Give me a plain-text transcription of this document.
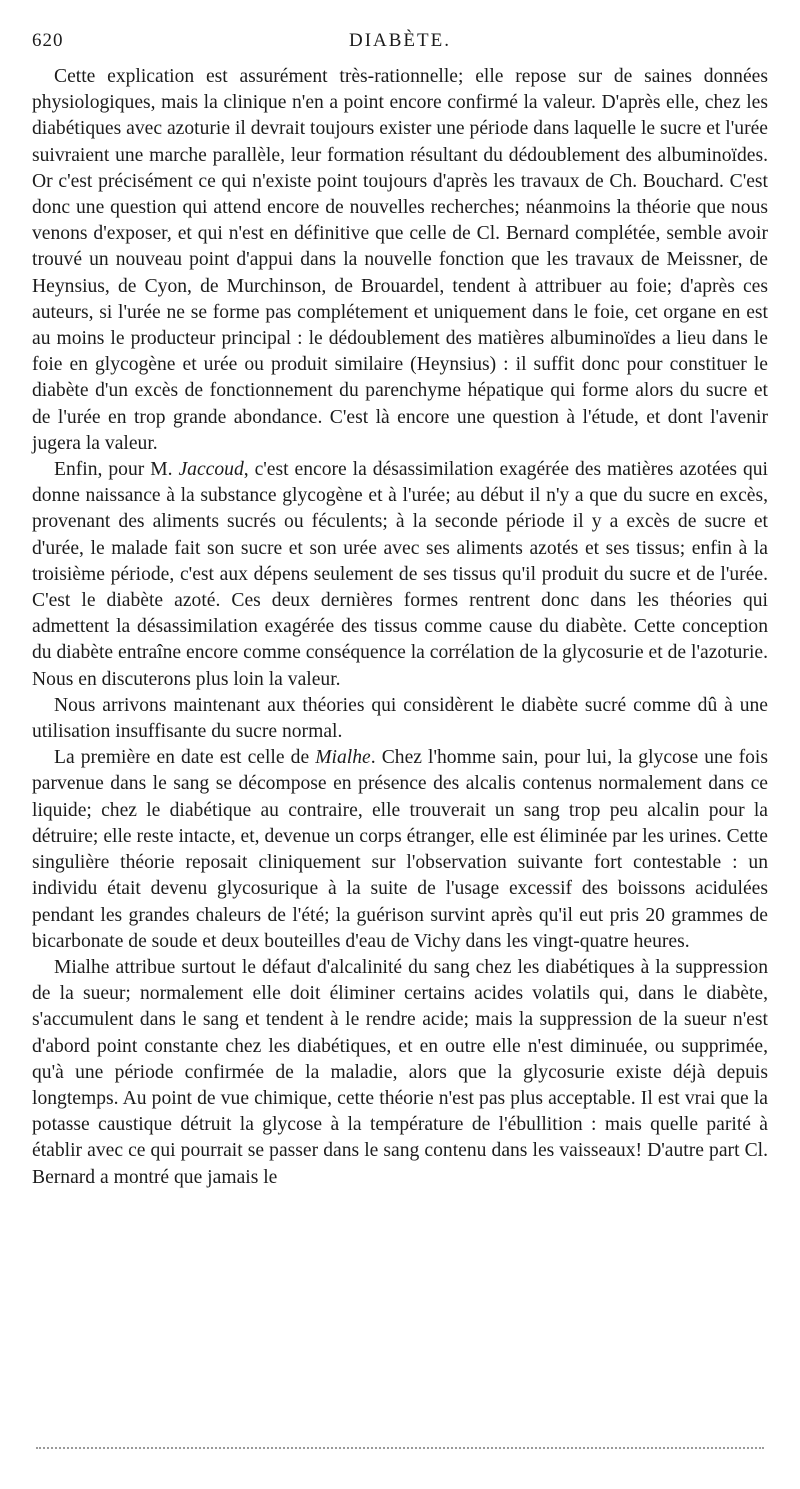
620	DIABÈTE.

Cette explication est assurément très-rationnelle; elle repose sur de saines données physiologiques, mais la clinique n'en a point encore confirmé la valeur. D'après elle, chez les diabétiques avec azoturie il devrait toujours exister une période dans laquelle le sucre et l'urée suivraient une marche parallèle, leur formation résultant du dédoublement des albuminoïdes. Or c'est précisément ce qui n'existe point toujours d'après les travaux de Ch. Bouchard. C'est donc une question qui attend encore de nouvelles recherches; néanmoins la théorie que nous venons d'exposer, et qui n'est en définitive que celle de Cl. Bernard complétée, semble avoir trouvé un nouveau point d'appui dans la nouvelle fonction que les travaux de Meissner, de Heynsius, de Cyon, de Murchinson, de Brouardel, tendent à attribuer au foie; d'après ces auteurs, si l'urée ne se forme pas complétement et uniquement dans le foie, cet organe en est au moins le producteur principal : le dédoublement des matières albuminoïdes a lieu dans le foie en glycogène et urée ou produit similaire (Heynsius) : il suffit donc pour constituer le diabète d'un excès de fonctionnement du parenchyme hépatique qui forme alors du sucre et de l'urée en trop grande abondance. C'est là encore une question à l'étude, et dont l'avenir jugera la valeur.

Enfin, pour M. Jaccoud, c'est encore la désassimilation exagérée des matières azotées qui donne naissance à la substance glycogène et à l'urée; au début il n'y a que du sucre en excès, provenant des aliments sucrés ou féculents; à la seconde période il y a excès de sucre et d'urée, le malade fait son sucre et son urée avec ses aliments azotés et ses tissus; enfin à la troisième période, c'est aux dépens seulement de ses tissus qu'il produit du sucre et de l'urée. C'est le diabète azoté. Ces deux dernières formes rentrent donc dans les théories qui admettent la désassimilation exagérée des tissus comme cause du diabète. Cette conception du diabète entraîne encore comme conséquence la corrélation de la glycosurie et de l'azoturie. Nous en discuterons plus loin la valeur.

Nous arrivons maintenant aux théories qui considèrent le diabète sucré comme dû à une utilisation insuffisante du sucre normal.

La première en date est celle de Mialhe. Chez l'homme sain, pour lui, la glycose une fois parvenue dans le sang se décompose en présence des alcalis contenus normalement dans ce liquide; chez le diabétique au contraire, elle trouverait un sang trop peu alcalin pour la détruire; elle reste intacte, et, devenue un corps étranger, elle est éliminée par les urines. Cette singulière théorie reposait cliniquement sur l'observation suivante fort contestable : un individu était devenu glycosurique à la suite de l'usage excessif des boissons acidulées pendant les grandes chaleurs de l'été; la guérison survint après qu'il eut pris 20 grammes de bicarbonate de soude et deux bouteilles d'eau de Vichy dans les vingt-quatre heures.

Mialhe attribue surtout le défaut d'alcalinité du sang chez les diabétiques à la suppression de la sueur; normalement elle doit éliminer certains acides volatils qui, dans le diabète, s'accumulent dans le sang et tendent à le rendre acide; mais la suppression de la sueur n'est d'abord point constante chez les diabétiques, et en outre elle n'est diminuée, ou supprimée, qu'à une période confirmée de la maladie, alors que la glycosurie existe déjà depuis longtemps. Au point de vue chimique, cette théorie n'est pas plus acceptable. Il est vrai que la potasse caustique détruit la glycose à la température de l'ébullition : mais quelle parité à établir avec ce qui pourrait se passer dans le sang contenu dans les vaisseaux! D'autre part Cl. Bernard a montré que jamais le
